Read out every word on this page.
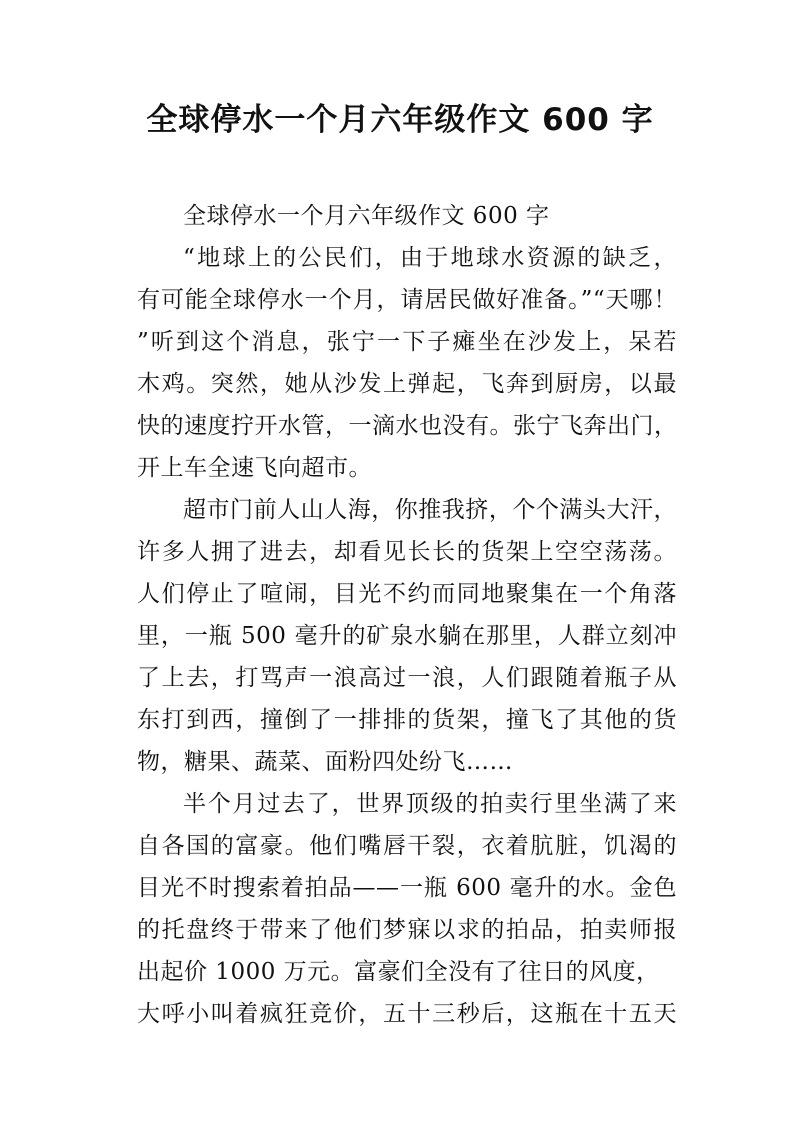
全球停水一个月六年级作文 600 字
全球停水一个月六年级作文 600 字
“地球上的公民们，由于地球水资源的缺乏，
有可能全球停水一个月，请居民做好准备。”“天哪！
”听到这个消息，张宁一下子瘫坐在沙发上，呆若
木鸡。突然，她从沙发上弹起，飞奔到厨房，以最
快的速度拧开水管，一滴水也没有。张宁飞奔出门，
开上车全速飞向超市。
超市门前人山人海，你推我挤，个个满头大汗，
许多人拥了进去，却看见长长的货架上空空荡荡。
人们停止了喧闹，目光不约而同地聚集在一个角落
里，一瓶 500 毫升的矿泉水躺在那里，人群立刻冲
了上去，打骂声一浪高过一浪，人们跟随着瓶子从
东打到西，撞倒了一排排的货架，撞飞了其他的货
物，糖果、蔬菜、面粉四处纷飞……
半个月过去了，世界顶级的拍卖行里坐满了来
自各国的富豪。他们嘴唇干裂，衣着肮脏，饥渴的
目光不时搜索着拍品——一瓶 600 毫升的水。金色
的托盘终于带来了他们梦寐以求的拍品，拍卖师报
出起价 1000 万元。富豪们全没有了往日的风度，
大呼小叫着疯狂竞价，五十三秒后，这瓶在十五天
